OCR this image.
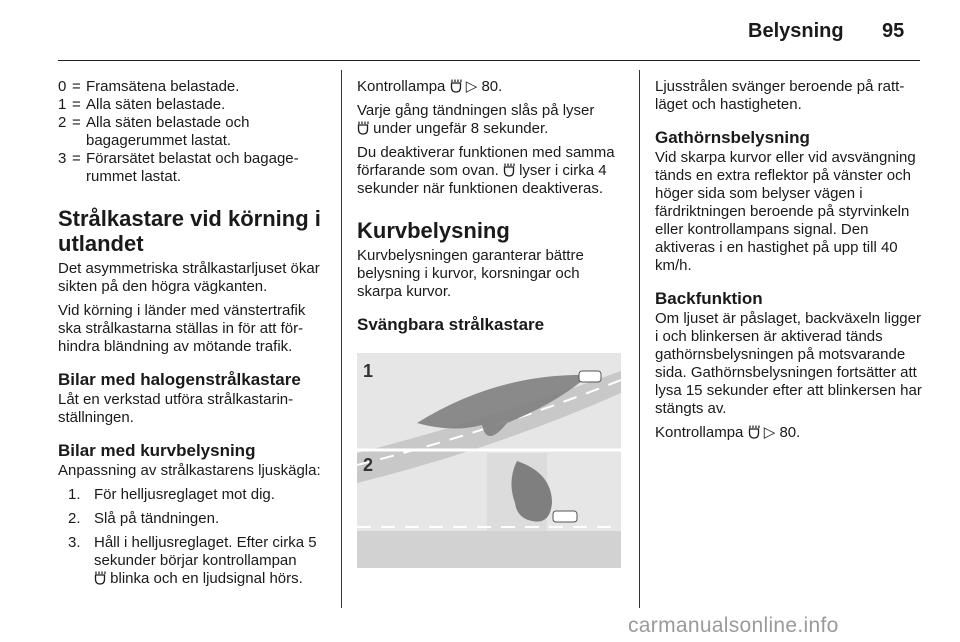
Belysning 95
0 = Framsätena belastade.
1 = Alla säten belastade.
2 = Alla säten belastade och bagagerummet lastat.
3 = Förarsätet belastat och bagagerummet lastat.
Strålkastare vid körning i utlandet

Det asymmetriska strålkastarljuset ökar sikten på den högra vägkanten.

Vid körning i länder med vänstertrafik ska strålkastarna ställas in för att förhindra bländning av mötande trafik.

Bilar med halogenstrålkastare

Låt en verkstad utföra strålkastarinställningen.

Bilar med kurvbelysning

Anpassning av strålkastarens ljuskägla:

1. För helljusreglaget mot dig.
2. Slå på tändningen.
3. Håll i helljusreglaget. Efter cirka 5 sekunder börjar kontrollampan
blinka och en ljudsignal hörs.

Kontrollampa ▷ 80.

Varje gång tändningen slås på lyser
under ungefär 8 sekunder.

Du deaktiverar funktionen med samma förfarande som ovan. lyser i cirka 4 sekunder när funktionen deaktiveras.

Kurvbelysning

Kurvbelysningen garanterar bättre belysning i kurvor, korsningar och skarpa kurvor.

Svängbara strålkastare
1
2

Ljusstrålen svänger beroende på rattläget och hastigheten.

Gathörnsbelysning

Vid skarpa kurvor eller vid avsvängning tänds en extra reflektor på vänster och höger sida som belyser vägen i färdriktningen beroende på styrvinkeln eller kontrollampans signal. Den aktiveras i en hastighet på upp till 40 km/h.

Backfunktion

Om ljuset är påslaget, backväxeln ligger i och blinkersen är aktiverad tänds gathörnsbelysningen på motsvarande sida. Gathörnsbelysningen fortsätter att lysa 15 sekunder efter att blinkersen har stängts av.

Kontrollampa ▷ 80.

carmanualsonline.info
